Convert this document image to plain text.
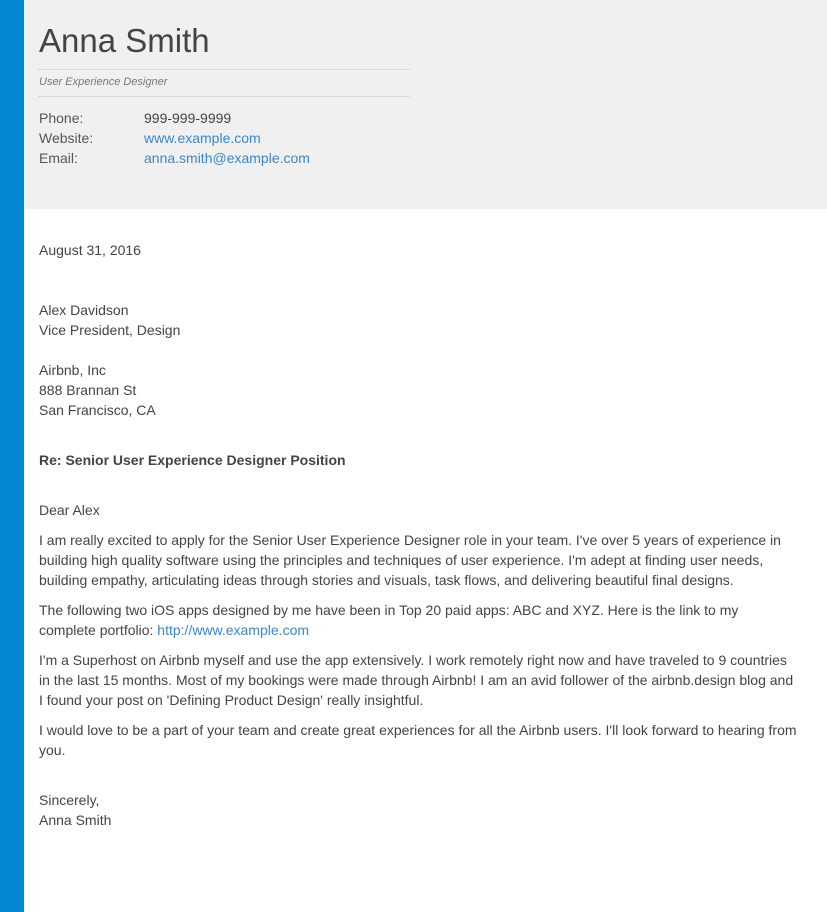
Anna Smith
User Experience Designer
Phone:	999-999-9999
Website:	www.example.com
Email:	anna.smith@example.com

August 31, 2016

Alex Davidson

Vice President, Design

Airbnb, Inc

888 Brannan St

San Francisco, CA

Re: Senior User Experience Designer Position

Dear Alex

I am really excited to apply for the Senior User Experience Designer role in your team. I've over 5 years of experience in building high quality software using the principles and techniques of user experience. I'm adept at finding user needs, building empathy, articulating ideas through stories and visuals, task flows, and delivering beautiful final designs.

The following two iOS apps designed by me have been in Top 20 paid apps: ABC and XYZ. Here is the link to my complete portfolio: http://www.example.com

I'm a Superhost on Airbnb myself and use the app extensively. I work remotely right now and have traveled to 9 countries in the last 15 months. Most of my bookings were made through Airbnb! I am an avid follower of the airbnb.design blog and I found your post on 'Defining Product Design' really insightful.

I would love to be a part of your team and create great experiences for all the Airbnb users. I'll look forward to hearing from you.

Sincerely,

Anna Smith
